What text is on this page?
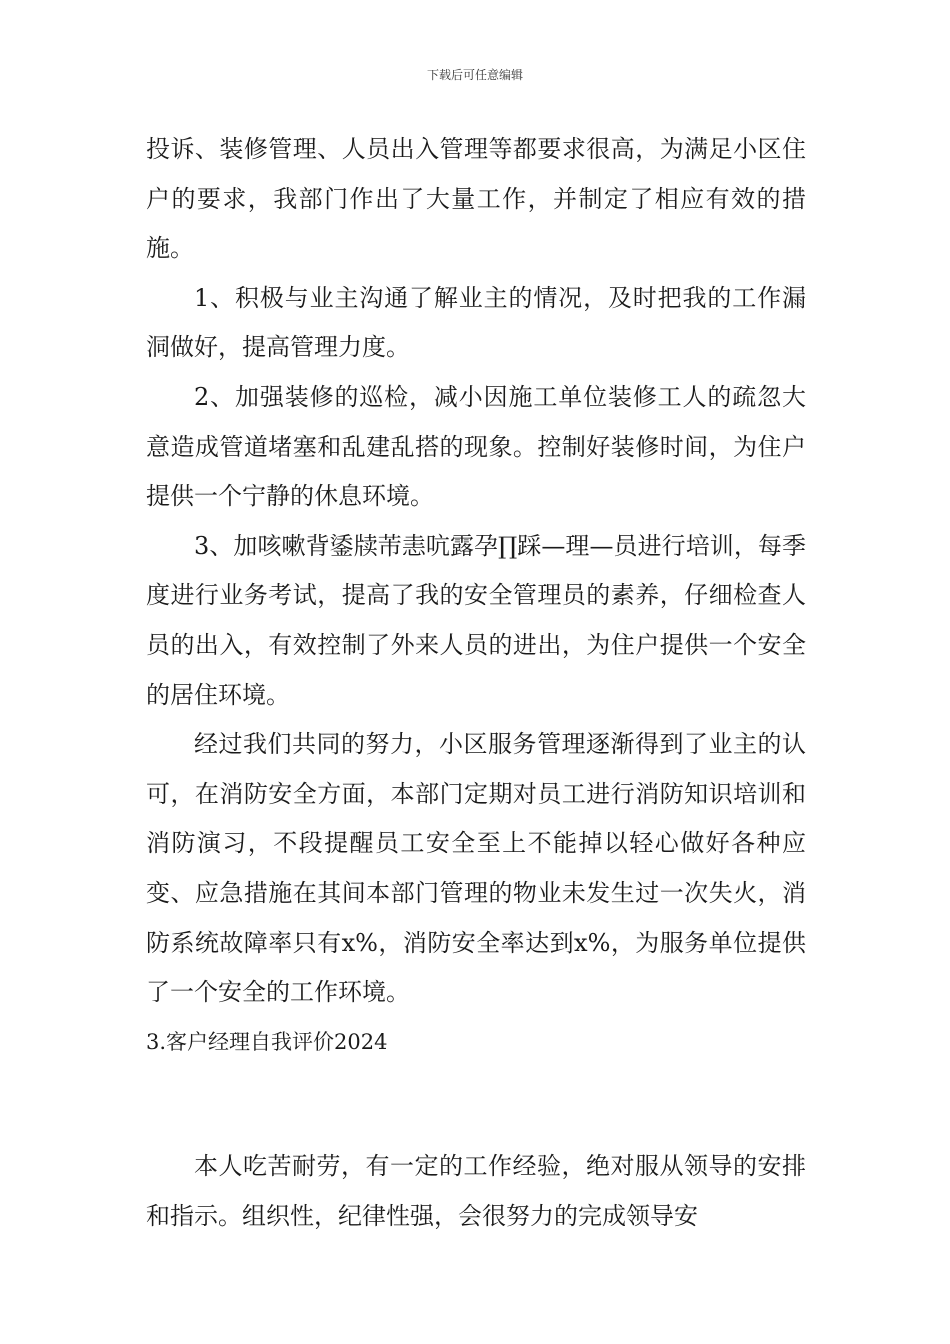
下载后可任意编辑

投诉、装修管理、人员出入管理等都要求很高，为满足小区住户的要求，我部门作出了大量工作，并制定了相应有效的措施。

1、积极与业主沟通了解业主的情况，及时把我的工作漏洞做好，提高管理力度。

2、加强装修的巡检，减小因施工单位装修工人的疏忽大意造成管道堵塞和乱建乱搭的现象。控制好装修时间，为住户提供一个宁静的休息环境。

3、加咳嗽背鋈牍芾恚吭露孕∏踩—理—员进行培训，每季度进行业务考试，提高了我的安全管理员的素养，仔细检查人员的出入，有效控制了外来人员的进出，为住户提供一个安全的居住环境。

经过我们共同的努力，小区服务管理逐渐得到了业主的认可，在消防安全方面，本部门定期对员工进行消防知识培训和消防演习，不段提醒员工安全至上不能掉以轻心做好各种应变、应急措施在其间本部门管理的物业未发生过一次失火，消防系统故障率只有x%，消防安全率达到x%，为服务单位提供了一个安全的工作环境。

3.客户经理自我评价2024

本人吃苦耐劳，有一定的工作经验，绝对服从领导的安排和指示。组织性，纪律性强，会很努力的完成领导安
